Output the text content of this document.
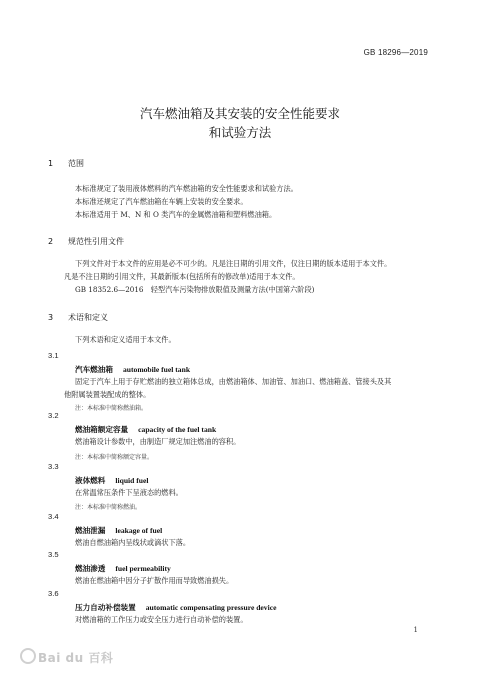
GB 18296—2019
汽车燃油箱及其安装的安全性能要求
和试验方法
1 范围
本标准规定了装用液体燃料的汽车燃油箱的安全性能要求和试验方法。
本标准还规定了汽车燃油箱在车辆上安装的安全要求。
本标准适用于 M、N 和 O 类汽车的金属燃油箱和塑料燃油箱。
2 规范性引用文件
下列文件对于本文件的应用是必不可少的。凡是注日期的引用文件，仅注日期的版本适用于本文件。
凡是不注日期的引用文件，其最新版本(包括所有的修改单)适用于本文件。
GB 18352.6—2016　轻型汽车污染物排放限值及测量方法(中国第六阶段)
3 术语和定义
下列术语和定义适用于本文件。
3.1
汽车燃油箱 automobile fuel tank
固定于汽车上用于存贮燃油的独立箱体总成，由燃油箱体、加油管、加油口、燃油箱盖、管接头及其
他附属装置装配成的整体。
注：本标准中简称燃油箱。
3.2
燃油箱额定容量 capacity of the fuel tank
燃油箱设计参数中，由制造厂规定加注燃油的容积。
注：本标准中简称额定容量。
3.3
液体燃料 liquid fuel
在常温常压条件下呈液态的燃料。
注：本标准中简称燃油。
3.4
燃油泄漏 leakage of fuel
燃油自燃油箱内呈线状或滴状下落。
3.5
燃油渗透 fuel permeability
燃油在燃油箱中因分子扩散作用而导致燃油损失。
3.6
压力自动补偿装置 automatic compensating pressure device
对燃油箱的工作压力或安全压力进行自动补偿的装置。
1
Bai du 百科
